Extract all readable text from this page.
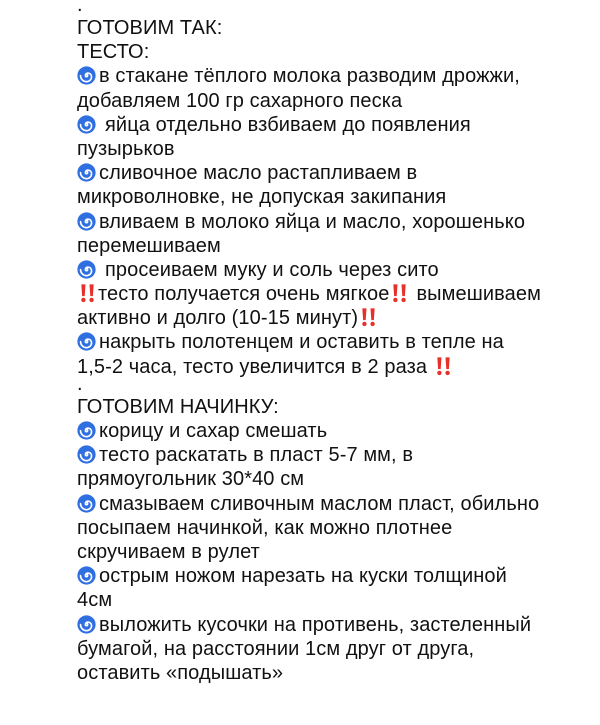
.
ГОТОВИМ ТАК:
ТЕСТО:
в стакане тёплого молока разводим дрожжи,
добавляем 100 гр сахарного песка
яйца отдельно взбиваем до появления
пузырьков
сливочное масло растапливаем в
микроволновке, не допуская закипания
вливаем в молоко яйца и масло, хорошенько
перемешиваем
просеиваем муку и соль через сито
тесто получается очень мягкое вымешиваем
активно и долго (10-15 минут)
накрыть полотенцем и оставить в тепле на
1,5-2 часа, тесто увеличится в 2 раза
.
ГОТОВИМ НАЧИНКУ:
корицу и сахар смешать
тесто раскатать в пласт 5-7 мм, в
прямоугольник 30*40 см
смазываем сливочным маслом пласт, обильно
посыпаем начинкой, как можно плотнее
скручиваем в рулет
острым ножом нарезать на куски толщиной
4см
выложить кусочки на противень, застеленный
бумагой, на расстоянии 1см друг от друга,
оставить «подышать»
